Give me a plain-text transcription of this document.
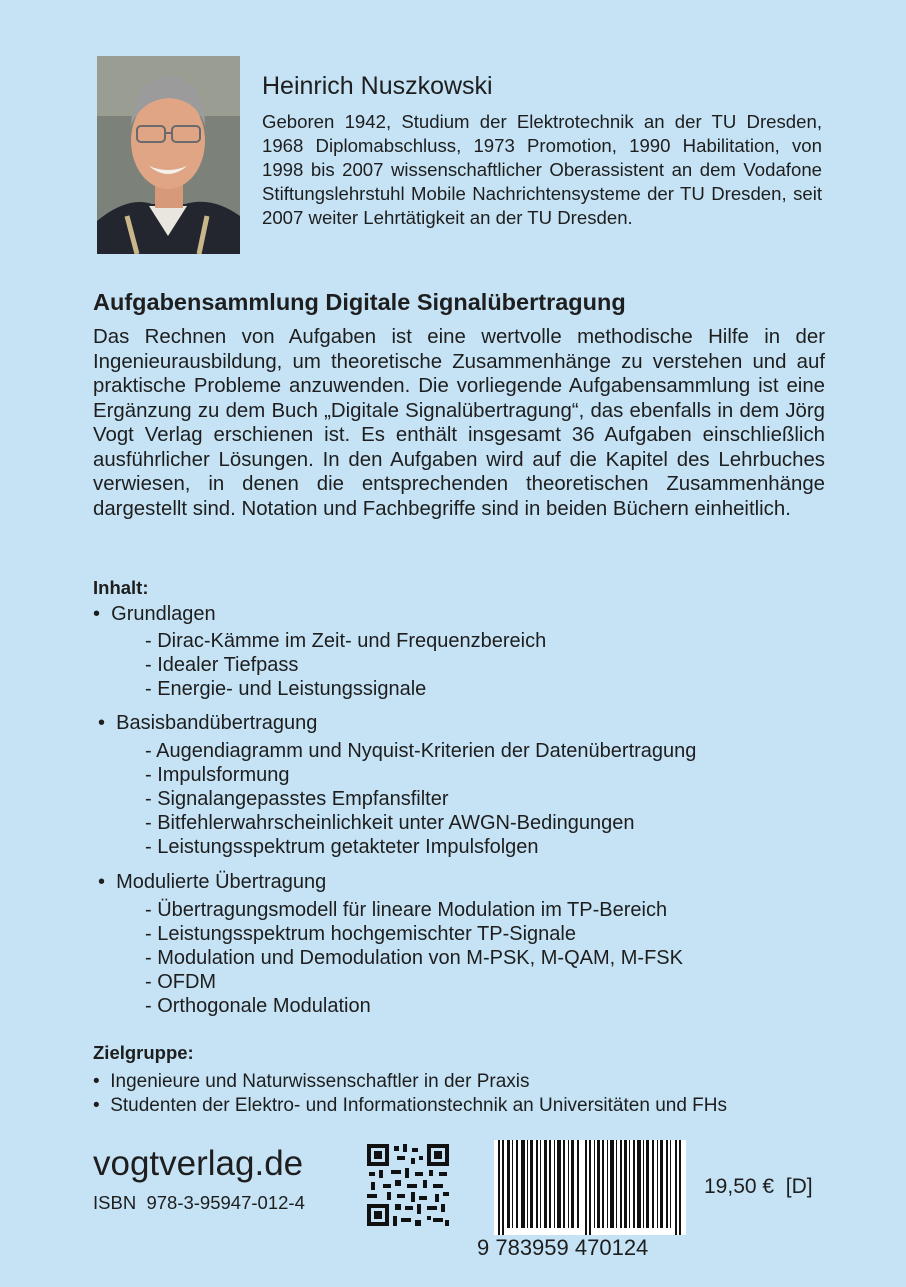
Heinrich Nuszkowski
Geboren 1942, Studium der Elektrotechnik an der TU Dresden, 1968 Diplomabschluss, 1973 Promotion, 1990 Habilitation, von 1998 bis 2007 wissenschaftlicher Oberassistent an dem Vodafone Stiftungslehrstuhl Mobile Nachrichtensysteme der TU Dresden, seit 2007 weiter Lehrtätigkeit an der TU Dresden.
Aufgabensammlung Digitale Signalübertragung
Das Rechnen von Aufgaben ist eine wertvolle methodische Hilfe in der Ingenieurausbildung, um theoretische Zusammenhänge zu verstehen und auf praktische Probleme anzuwenden. Die vorliegende Aufgabensammlung ist eine Ergänzung zu dem Buch „Digitale Signalübertragung“, das ebenfalls in dem Jörg Vogt Verlag erschienen ist. Es enthält insgesamt 36 Aufgaben einschließlich ausführlicher Lösungen. In den Aufgaben wird auf die Kapitel des Lehrbuches verwiesen, in denen die entsprechenden theoretischen Zusammenhänge dargestellt sind. Notation und Fachbegriffe sind in beiden Büchern einheitlich.
Inhalt:
• Grundlagen
- Dirac-Kämme im Zeit- und Frequenzbereich
- Idealer Tiefpass
- Energie- und Leistungssignale
• Basisbandübertragung
- Augendiagramm und Nyquist-Kriterien der Datenübertragung
- Impulsformung
- Signalangepasstes Empfansfilter
- Bitfehlerwahrscheinlichkeit unter AWGN-Bedingungen
- Leistungsspektrum getakteter Impulsfolgen
• Modulierte Übertragung
- Übertragungsmodell für lineare Modulation im TP-Bereich
- Leistungsspektrum hochgemischter TP-Signale
- Modulation und Demodulation von M-PSK, M-QAM, M-FSK
- OFDM
- Orthogonale Modulation
Zielgruppe:
• Ingenieure und Naturwissenschaftler in der Praxis
• Studenten der Elektro- und Informationstechnik an Universitäten und FHs
vogtverlag.de
ISBN  978-3-95947-012-4
9 783959 470124
19,50 €  [D]
